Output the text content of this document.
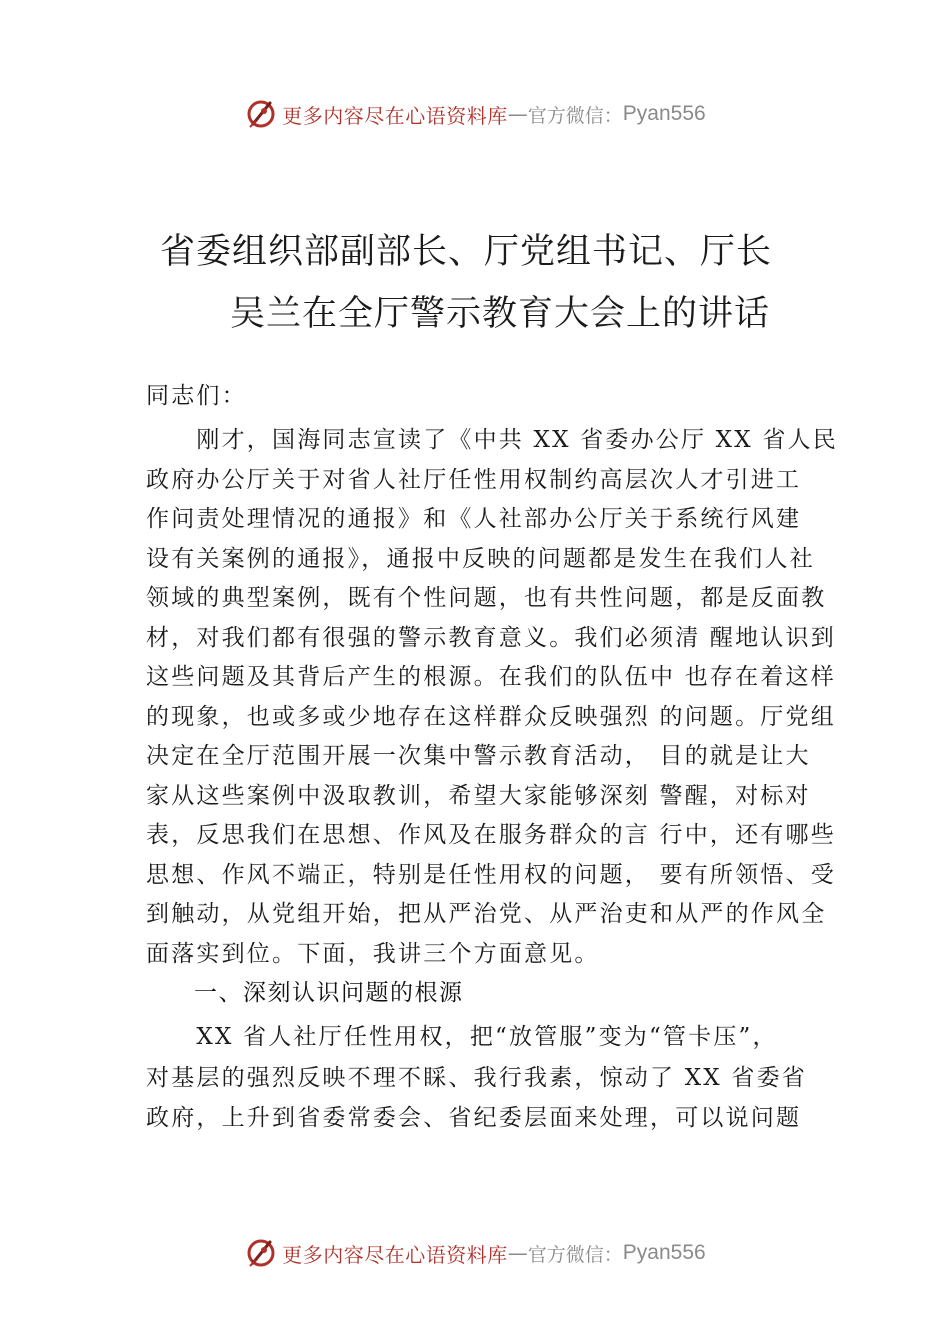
更多内容尽在心语资料库 — 官方微信： Pyan556
省委组织部副部长、厅党组书记、厅长
吴兰在全厅警示教育大会上的讲话
同志们：
　　刚才，国海同志宣读了《中共 XX 省委办公厅 XX 省人民
政府办公厅关于对省人社厅任性用权制约高层次人才引进工
作问责处理情况的通报》和《人社部办公厅关于系统行风建
设有关案例的通报》，通报中反映的问题都是发生在我们人社
领域的典型案例，既有个性问题，也有共性问题，都是反面教
材，对我们都有很强的警示教育意义。我们必须清 醒地认识到
这些问题及其背后产生的根源。在我们的队伍中 也存在着这样
的现象，也或多或少地存在这样群众反映强烈 的问题。厅党组
决定在全厅范围开展一次集中警示教育活动， 目的就是让大
家从这些案例中汲取教训，希望大家能够深刻 警醒，对标对
表，反思我们在思想、作风及在服务群众的言 行中，还有哪些
思想、作风不端正，特别是任性用权的问题， 要有所领悟、受
到触动，从党组开始，把从严治党、从严治吏和从严的作风全
面落实到位。下面，我讲三个方面意见。
一、深刻认识问题的根源
　　XX 省人社厅任性用权，把“放管服”变为“管卡压”，
对基层的强烈反映不理不睬、我行我素，惊动了 XX 省委省
政府，上升到省委常委会、省纪委层面来处理，可以说问题
更多内容尽在心语资料库 — 官方微信： Pyan556
